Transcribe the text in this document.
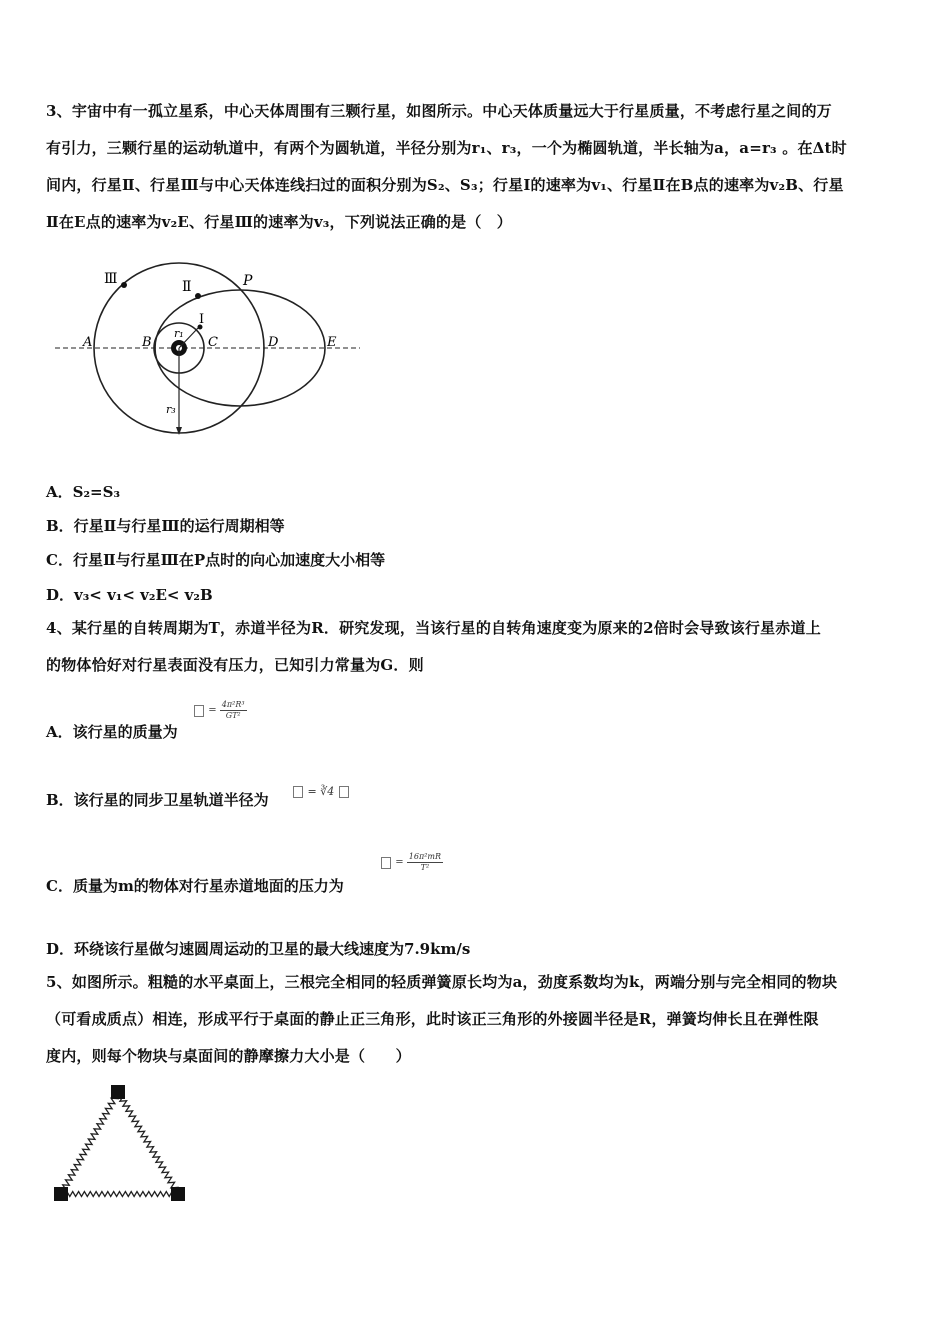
3、宇宙中有一孤立星系，中心天体周围有三颗行星，如图所示。中心天体质量远大于行星质量，不考虑行星之间的万
有引力，三颗行星的运动轨道中，有两个为圆轨道，半径分别为r₁、r₃，一个为椭圆轨道，半长轴为a，a=r₃ 。在Δt时
间内，行星Ⅱ、行星Ⅲ与中心天体连线扫过的面积分别为S₂、S₃；行星Ⅰ的速率为v₁、行星Ⅱ在B点的速率为v₂B、行星
Ⅱ在E点的速率为v₂E、行星Ⅲ的速率为v₃，下列说法正确的是（　）
Ⅲ	Ⅱ
Ⅰ
P
A	B	C	D	E
r₁
r₃
A．S₂=S₃
B．行星Ⅱ与行星Ⅲ的运行周期相等
C．行星Ⅱ与行星Ⅲ在P点时的向心加速度大小相等
D．v₃< v₁< v₂E< v₂B
4、某行星的自转周期为T，赤道半径为R．研究发现，当该行星的自转角速度变为原来的2倍时会导致该行星赤道上
的物体恰好对行星表面没有压力，已知引力常量为G．则
A．该行星的质量为
= $\frac{\text{4π²R³}}{\text{GT²}}$
B．该行星的同步卫星轨道半径为	= ∛4
C．质量为m的物体对行星赤道地面的压力为
= $\frac{\text{16π²mR}}{\text{T²}}$
D．环绕该行星做匀速圆周运动的卫星的最大线速度为7.9km/s
5、如图所示。粗糙的水平桌面上，三根完全相同的轻质弹簧原长均为a，劲度系数均为k，两端分别与完全相同的物块
（可看成质点）相连，形成平行于桌面的静止正三角形，此时该正三角形的外接圆半径是R，弹簧均伸长且在弹性限
度内，则每个物块与桌面间的静摩擦力大小是（　　）
